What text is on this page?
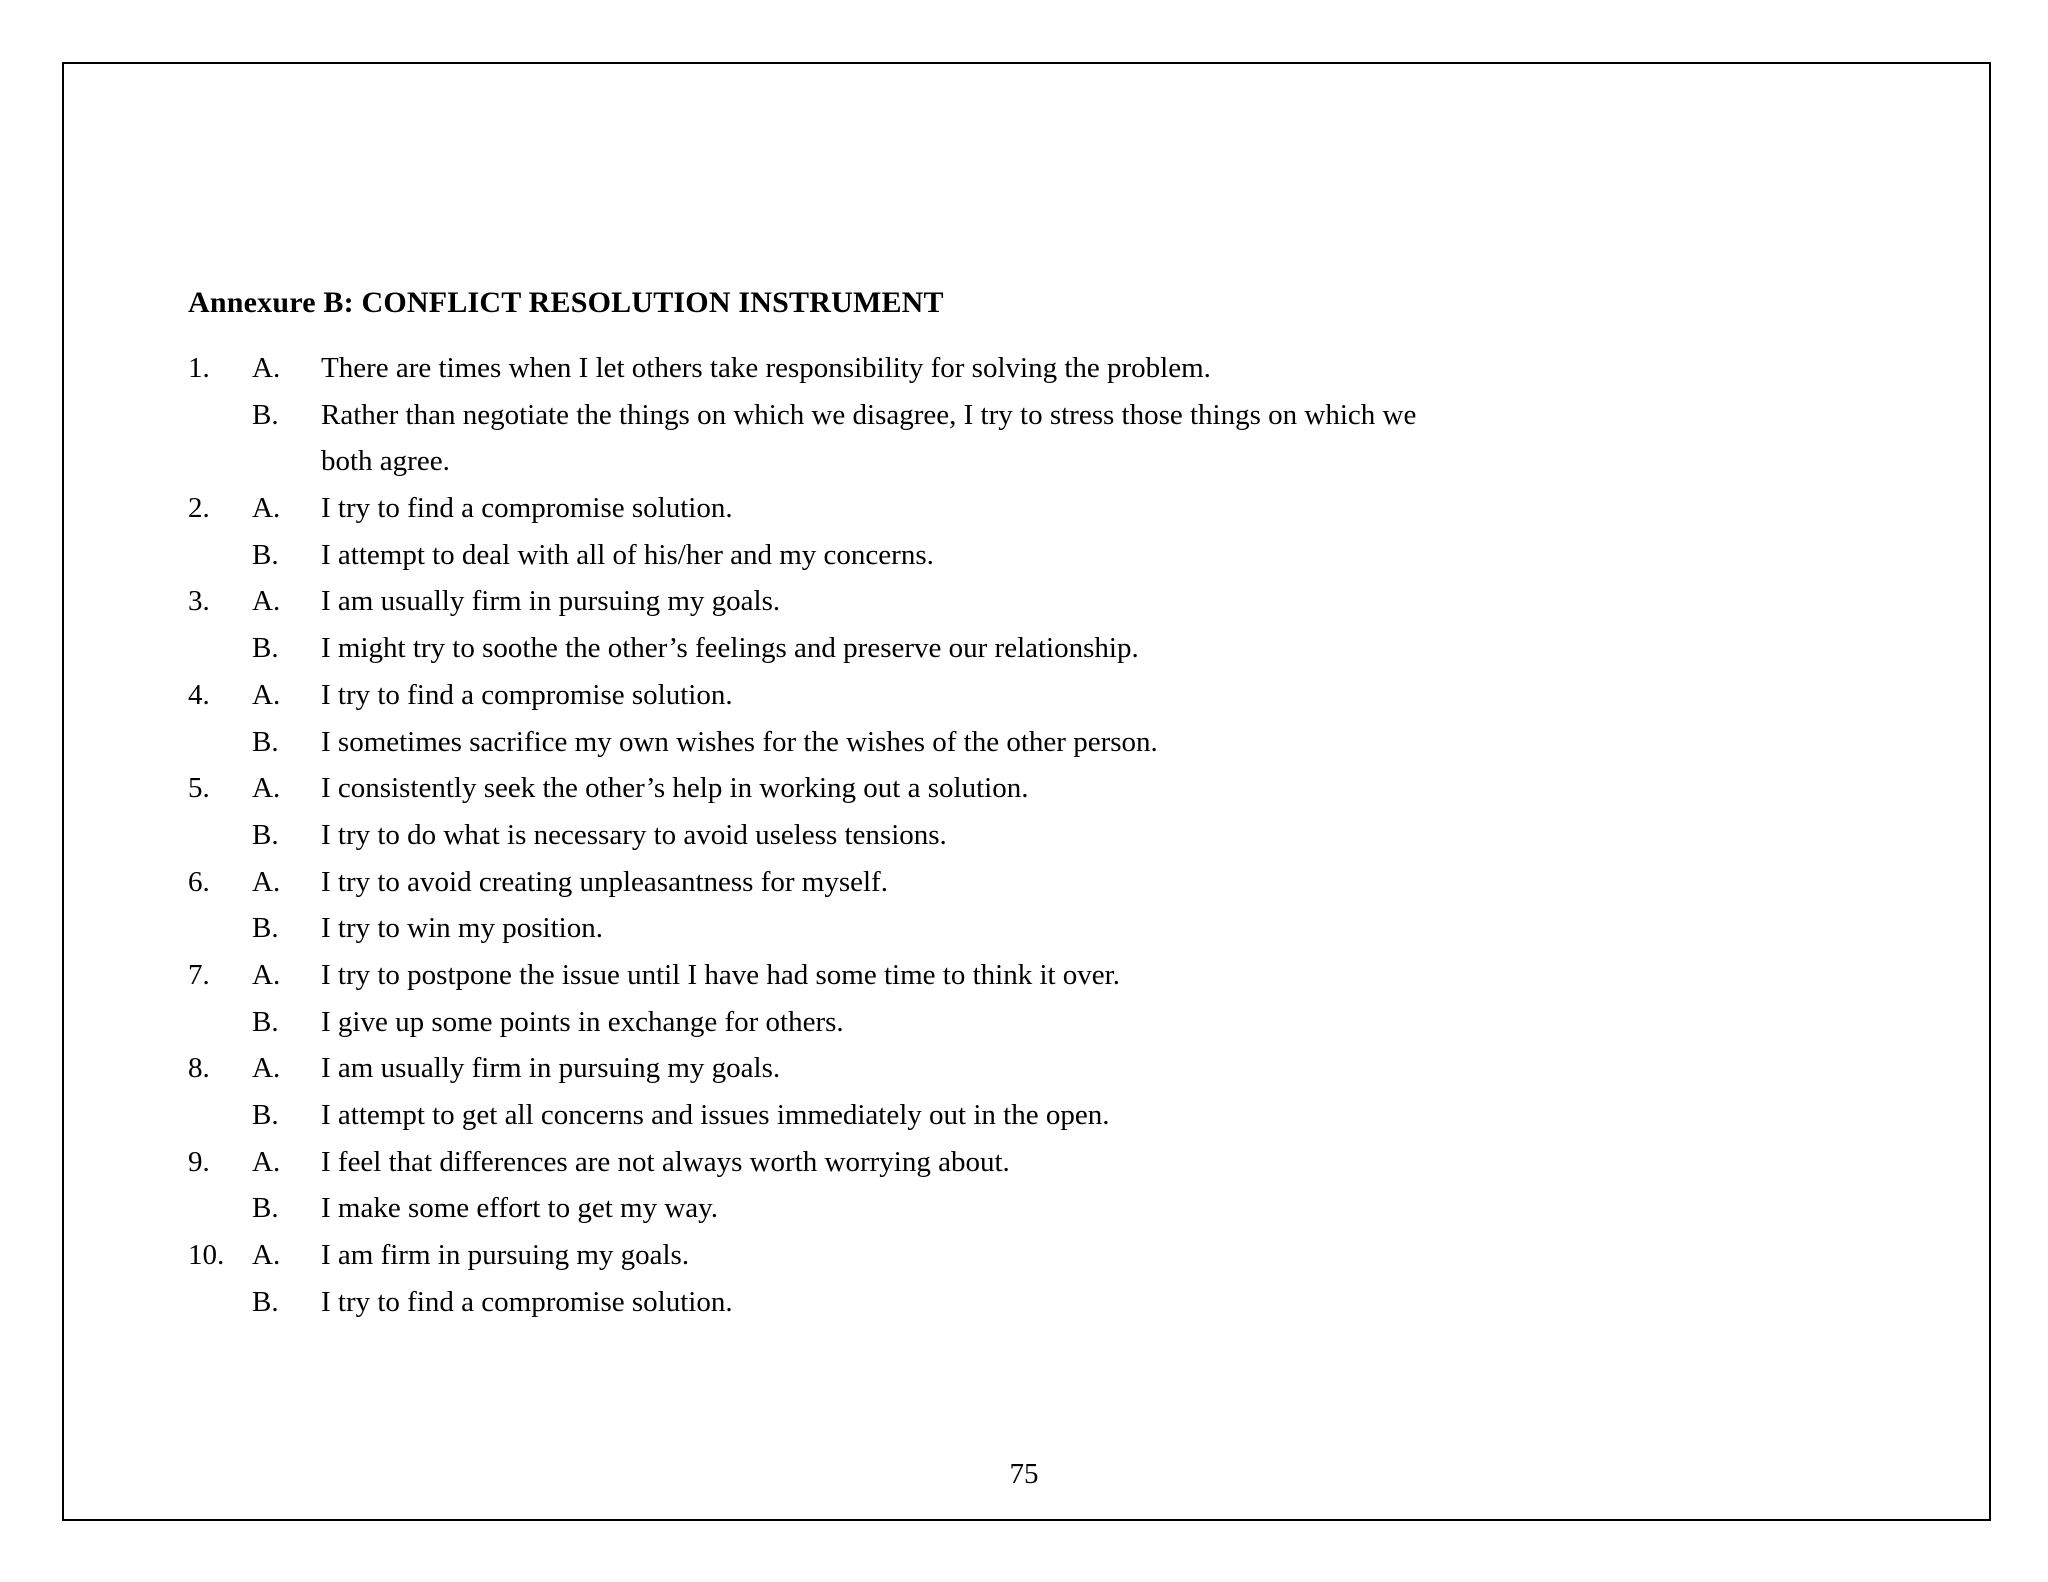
Annexure B: CONFLICT RESOLUTION INSTRUMENT
1. A. There are times when I let others take responsibility for solving the problem.
B. Rather than negotiate the things on which we disagree, I try to stress those things on which we
both agree.
2. A. I try to find a compromise solution.
B. I attempt to deal with all of his/her and my concerns.
3. A. I am usually firm in pursuing my goals.
B. I might try to soothe the other’s feelings and preserve our relationship.
4. A. I try to find a compromise solution.
B. I sometimes sacrifice my own wishes for the wishes of the other person.
5. A. I consistently seek the other’s help in working out a solution.
B. I try to do what is necessary to avoid useless tensions.
6. A. I try to avoid creating unpleasantness for myself.
B. I try to win my position.
7. A. I try to postpone the issue until I have had some time to think it over.
B. I give up some points in exchange for others.
8. A. I am usually firm in pursuing my goals.
B. I attempt to get all concerns and issues immediately out in the open.
9. A. I feel that differences are not always worth worrying about.
B. I make some effort to get my way.
10. A. I am firm in pursuing my goals.
B. I try to find a compromise solution.
75
